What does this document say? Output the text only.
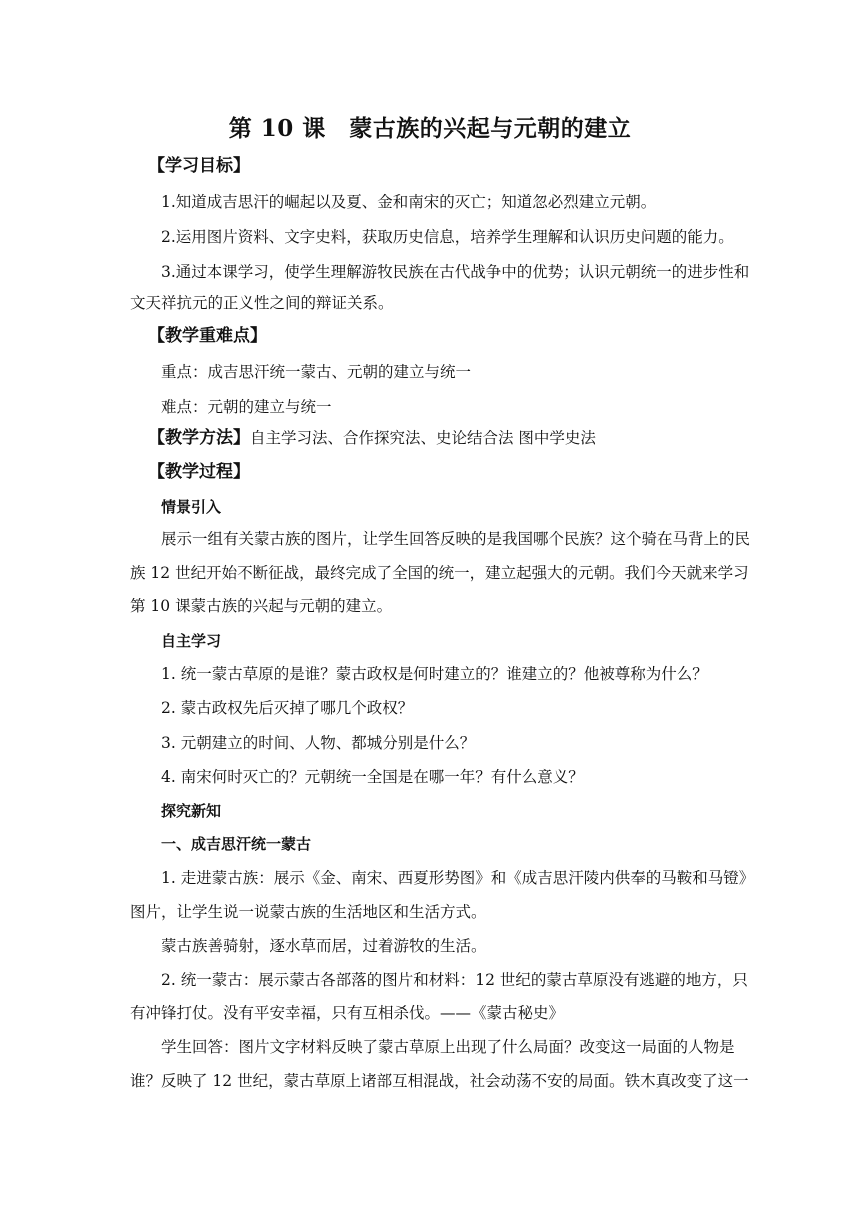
第 10 课　蒙古族的兴起与元朝的建立
【学习目标】
1.知道成吉思汗的崛起以及夏、金和南宋的灭亡；知道忽必烈建立元朝。
2.运用图片资料、文字史料，获取历史信息，培养学生理解和认识历史问题的能力。
3.通过本课学习，使学生理解游牧民族在古代战争中的优势；认识元朝统一的进步性和
文天祥抗元的正义性之间的辩证关系。
【教学重难点】
重点：成吉思汗统一蒙古、元朝的建立与统一
难点：元朝的建立与统一
【教学方法】自主学习法、合作探究法、史论结合法 图中学史法
【教学过程】
情景引入
展示一组有关蒙古族的图片，让学生回答反映的是我国哪个民族？这个骑在马背上的民
族 12 世纪开始不断征战，最终完成了全国的统一，建立起强大的元朝。我们今天就来学习
第 10 课蒙古族的兴起与元朝的建立。
自主学习
1. 统一蒙古草原的是谁？蒙古政权是何时建立的？谁建立的？他被尊称为什么？
2. 蒙古政权先后灭掉了哪几个政权？
3. 元朝建立的时间、人物、都城分别是什么？
4. 南宋何时灭亡的？元朝统一全国是在哪一年？有什么意义？
探究新知
一、成吉思汗统一蒙古
1. 走进蒙古族：展示《金、南宋、西夏形势图》和《成吉思汗陵内供奉的马鞍和马镫》
图片，让学生说一说蒙古族的生活地区和生活方式。
蒙古族善骑射，逐水草而居，过着游牧的生活。
2. 统一蒙古：展示蒙古各部落的图片和材料：12 世纪的蒙古草原没有逃避的地方，只
有冲锋打仗。没有平安幸福，只有互相杀伐。——《蒙古秘史》
学生回答：图片文字材料反映了蒙古草原上出现了什么局面？改变这一局面的人物是
谁？反映了 12 世纪，蒙古草原上诸部互相混战，社会动荡不安的局面。铁木真改变了这一
